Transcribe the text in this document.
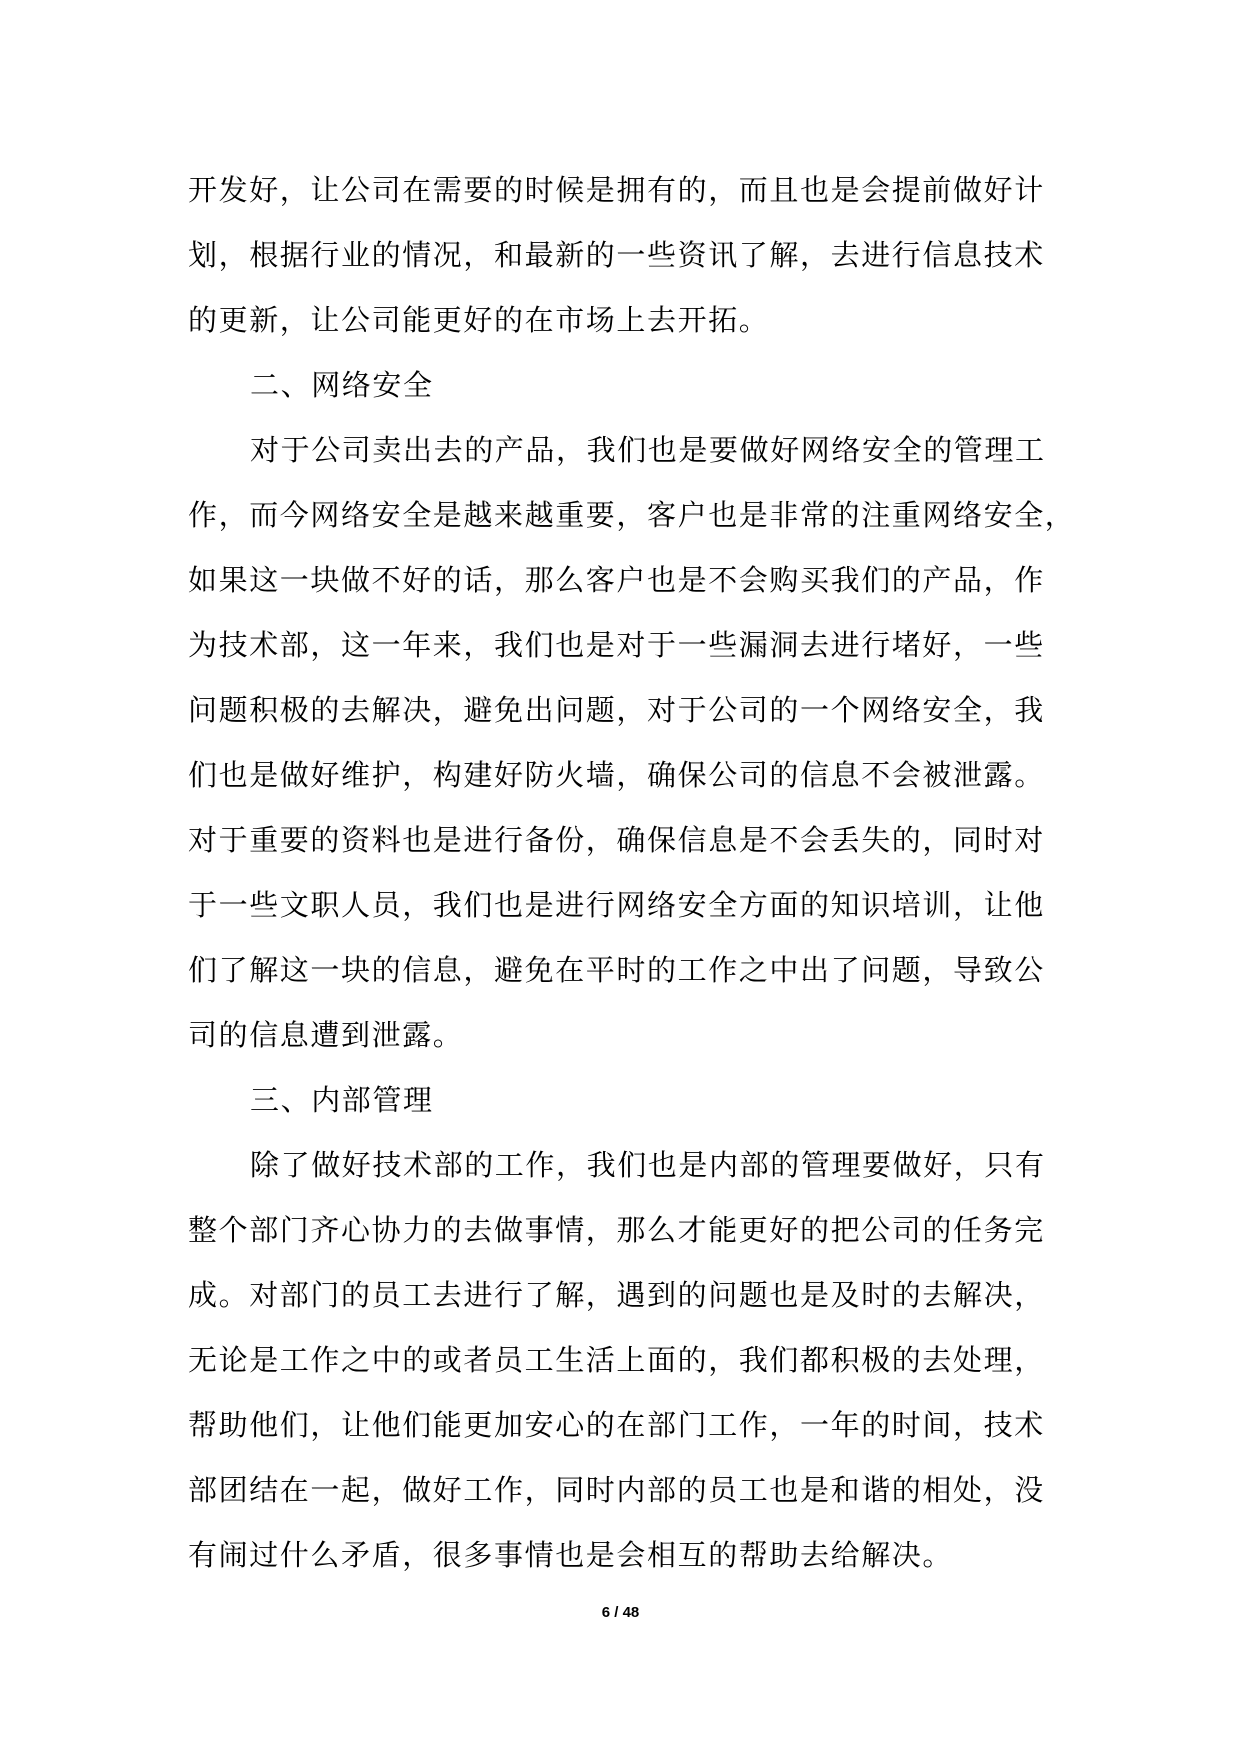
开发好，让公司在需要的时候是拥有的，而且也是会提前做好计
划，根据行业的情况，和最新的一些资讯了解，去进行信息技术
的更新，让公司能更好的在市场上去开拓。
二、网络安全
对于公司卖出去的产品，我们也是要做好网络安全的管理工
作，而今网络安全是越来越重要，客户也是非常的注重网络安全，
如果这一块做不好的话，那么客户也是不会购买我们的产品，作
为技术部，这一年来，我们也是对于一些漏洞去进行堵好，一些
问题积极的去解决，避免出问题，对于公司的一个网络安全，我
们也是做好维护，构建好防火墙，确保公司的信息不会被泄露。
对于重要的资料也是进行备份，确保信息是不会丢失的，同时对
于一些文职人员，我们也是进行网络安全方面的知识培训，让他
们了解这一块的信息，避免在平时的工作之中出了问题，导致公
司的信息遭到泄露。
三、内部管理
除了做好技术部的工作，我们也是内部的管理要做好，只有
整个部门齐心协力的去做事情，那么才能更好的把公司的任务完
成。对部门的员工去进行了解，遇到的问题也是及时的去解决，
无论是工作之中的或者员工生活上面的，我们都积极的去处理，
帮助他们，让他们能更加安心的在部门工作，一年的时间，技术
部团结在一起，做好工作，同时内部的员工也是和谐的相处，没
有闹过什么矛盾，很多事情也是会相互的帮助去给解决。
6 / 48
